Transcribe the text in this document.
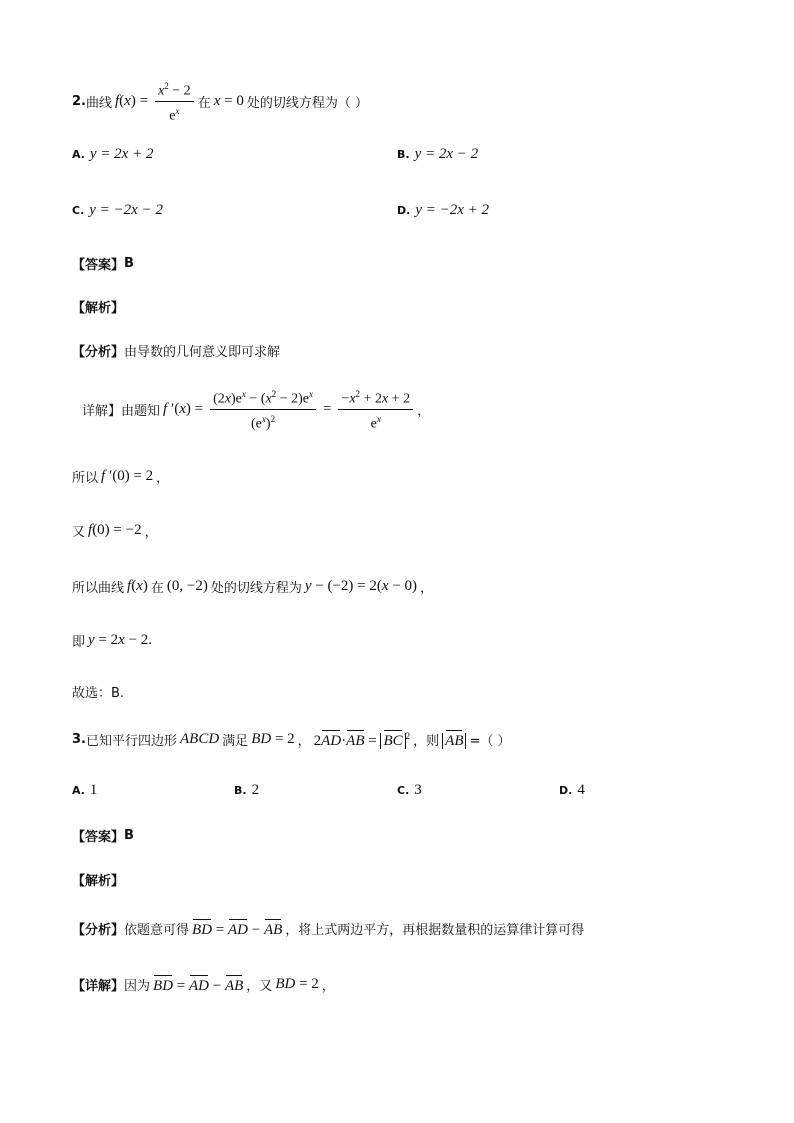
2. 曲线 $f(x) = \frac{x^2 - 2}{e^x}$ 在 x = 0 处的切线方程为（ ）
A. y = 2x + 2	B. y = 2x − 2
C. y = −2x − 2	D. y = −2x + 2
【答案】 B
【解析】
【分析】 由导数的几何意义即可求解
详解】由题知 f $'(x) = \frac{(2x)e^x - (x^2 - 2)e^x}{(e^x)^2} = \frac{-x^2 + 2x + 2}{e^x}$ ，
所以 f ′(0) = 2 ，
又 f(0) = −2 ，
所以曲线 f(x) 在 (0, −2) 处的切线方程为 y − (−2) = 2(x − 0) ，
即 y = 2x − 2.
故选：B.
3. 已知平行四边形 ABCD 满足 BD = 2 ， 2AD·AB = BC $^2$ ，则 AB =（ ）
A. 1	B. 2	C. 3	D. 4
【答案】 B
【解析】
【分析】 依题意可得 BD = AD − AB ，将上式两边平方，再根据数量积的运算律计算可得
【详解】 因为 BD = AD − AB ，又 BD = 2 ，
